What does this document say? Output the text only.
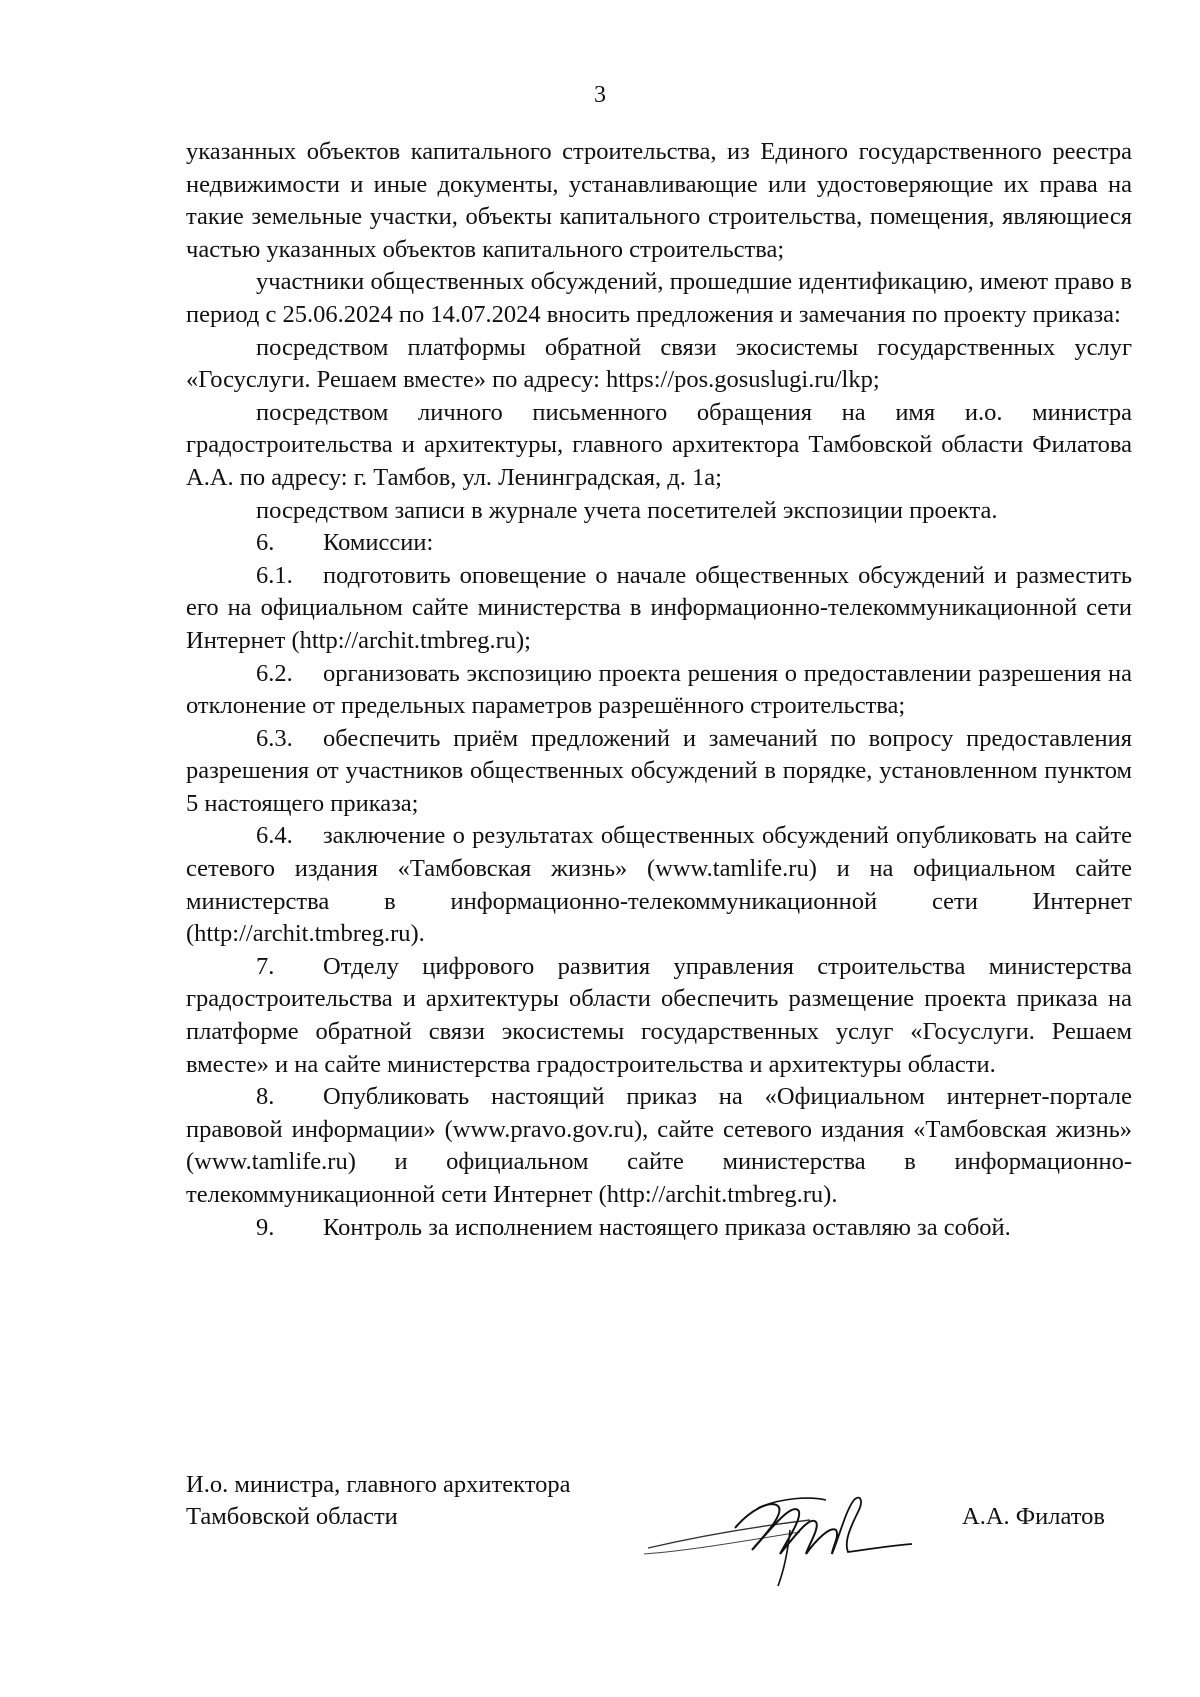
3

указанных объектов капитального строительства, из Единого государственного реестра недвижимости и иные документы, устанавливающие или удостоверяющие их права на такие земельные участки, объекты капитального строительства, помещения, являющиеся частью указанных объектов капитального строительства;

участники общественных обсуждений, прошедшие идентификацию, имеют право в период с 25.06.2024 по 14.07.2024 вносить предложения и замечания по проекту приказа:

посредством платформы обратной связи экосистемы государственных услуг «Госуслуги. Решаем вместе» по адресу: https://pos.gosuslugi.ru/lkp;

посредством личного письменного обращения на имя и.о. министра градостроительства и архитектуры, главного архитектора Тамбовской области Филатова А.А. по адресу: г. Тамбов, ул. Ленинградская, д. 1а;

посредством записи в журнале учета посетителей экспозиции проекта.

6. Комиссии:

6.1. подготовить оповещение о начале общественных обсуждений и разместить его на официальном сайте министерства в информационно-телекоммуникационной сети Интернет (http://archit.tmbreg.ru);

6.2. организовать экспозицию проекта решения о предоставлении разрешения на отклонение от предельных параметров разрешённого строительства;

6.3. обеспечить приём предложений и замечаний по вопросу предоставления разрешения от участников общественных обсуждений в порядке, установленном пунктом 5 настоящего приказа;

6.4. заключение о результатах общественных обсуждений опубликовать на сайте сетевого издания «Тамбовская жизнь» (www.tamlife.ru) и на официальном сайте министерства в информационно-телекоммуникационной сети Интернет (http://archit.tmbreg.ru).

7. Отделу цифрового развития управления строительства министерства градостроительства и архитектуры области обеспечить размещение проекта приказа на платформе обратной связи экосистемы государственных услуг «Госуслуги. Решаем вместе» и на сайте министерства градостроительства и архитектуры области.

8. Опубликовать настоящий приказ на «Официальном интернет-портале правовой информации» (www.pravo.gov.ru), сайте сетевого издания «Тамбовская жизнь» (www.tamlife.ru) и официальном сайте министерства в информационно-телекоммуникационной сети Интернет (http://archit.tmbreg.ru).

9. Контроль за исполнением настоящего приказа оставляю за собой.

И.о. министра, главного архитектора
Тамбовской области	А.А. Филатов
